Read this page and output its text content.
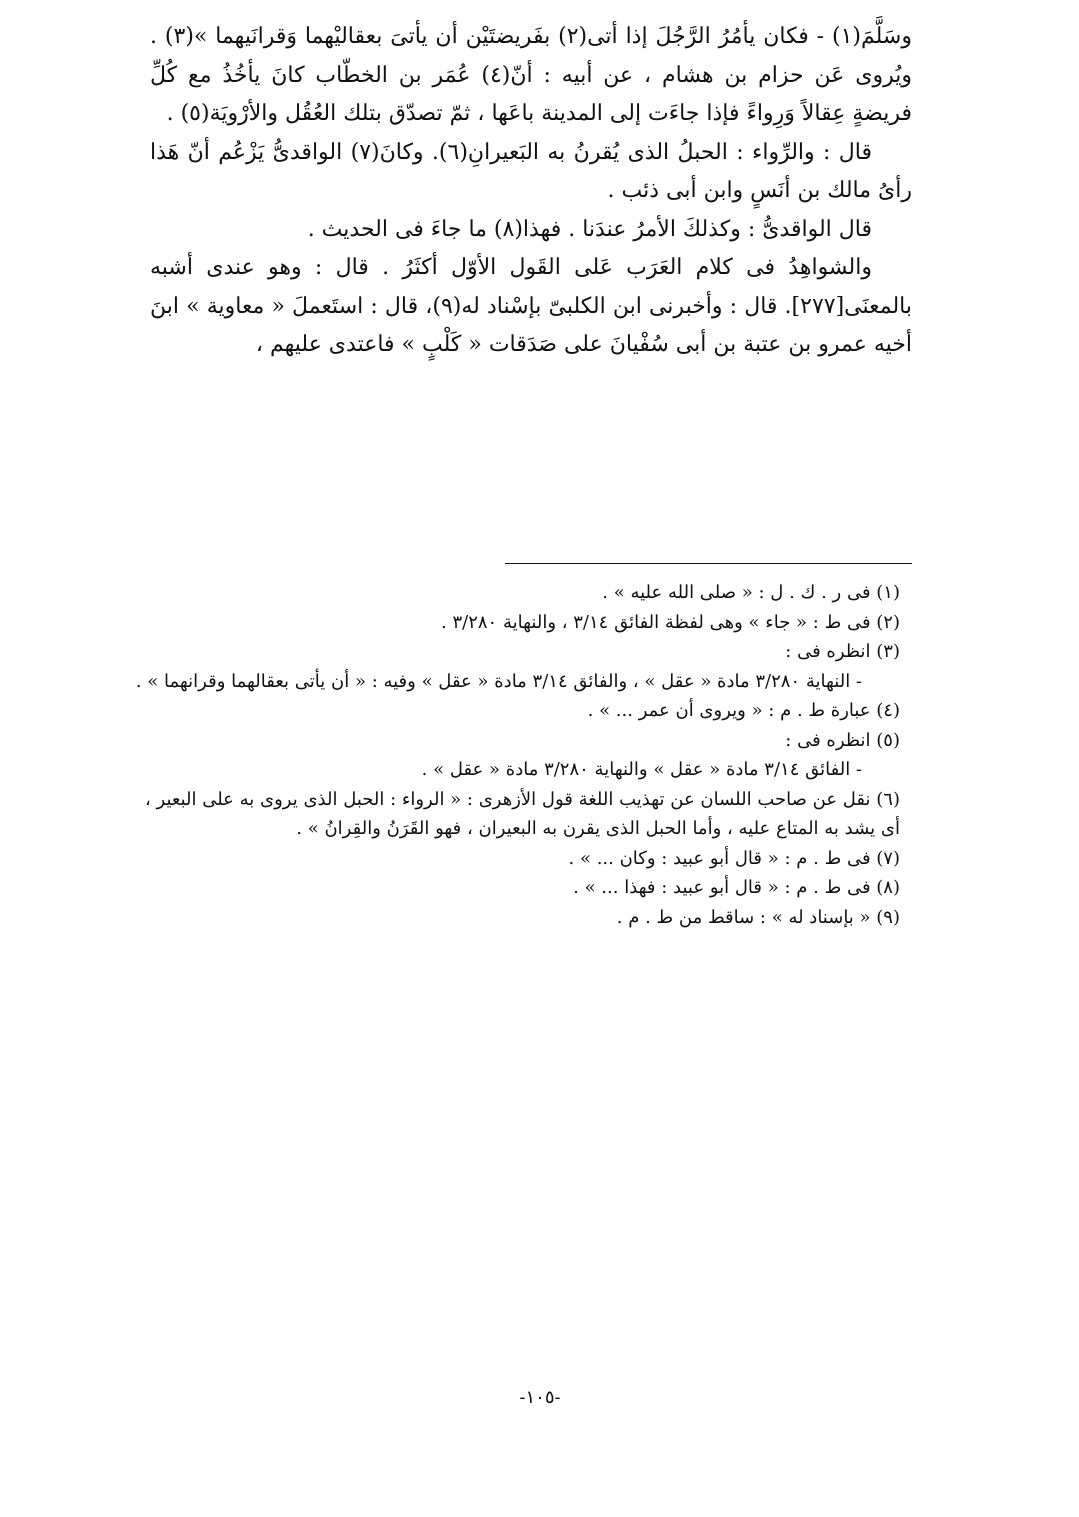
وسَلَّمَ(١) - فكان يأمُرُ الرَّجُلَ إذا أتى(٢) بفَريضتَيْن أن يأتىَ بعقاليْهما وَقرانَيهما »(٣) . ويُروى عَن حزام بن هشام ، عن أبيه : أنّ(٤) عُمَر بن الخطّاب كانَ يأخُذُ مع كُلِّ فريضةٍ عِقالاً وَرِواءً فإذا جاءَت إلى المدينة باعَها ، ثمّ تصدّق بتلك العُقُل والأرْويَة(٥) .

قال : والرِّواء : الحبلُ الذى يُقرنُ به البَعيرانِ(٦). وكانَ(٧) الواقدىُّ يَزْعُم أنّ هَذا رأىُ مالك بن أنَسٍ وابن أبى ذئب .

قال الواقدىُّ : وكذلكَ الأمرُ عندَنا . فهذا(٨) ما جاءَ فى الحديث .

والشواهِدُ فى كلام العَرَب عَلى القَول الأوّل أكثَرُ . قال : وهو عندى أشبه بالمعنَى[٢٧٧]. قال : وأخبرنى ابن الكلبىّ بإسْناد له(٩)، قال : استَعملَ « معاوية » ابنَ أخيه عمرو بن عتبة بن أبى سُفْيانَ على صَدَقات « كَلْبٍ » فاعتدى عليهم ،

(١) فى ر . ك . ل : « صلى الله عليه » .

(٢) فى ط : « جاء » وهى لفظة الفائق ٣/١٤ ، والنهاية ٣/٢٨٠ .

(٣) انظره فى :

- النهاية ٣/٢٨٠ مادة « عقل » ، والفائق ٣/١٤ مادة « عقل » وفيه : « أن يأتى بعقالهما وقرانهما » .

(٤) عبارة ط . م : « ويروى أن عمر ... » .

(٥) انظره فى :

- الفائق ٣/١٤ مادة « عقل » والنهاية ٣/٢٨٠ مادة « عقل » .

(٦) نقل عن صاحب اللسان عن تهذيب اللغة قول الأزهرى : « الرواء : الحبل الذى يروى به على البعير ، أى يشد به المتاع عليه ، وأما الحبل الذى يقرن به البعيران ، فهو القَرَنُ والقِرانُ » .

(٧) فى ط . م : « قال أبو عبيد : وكان ... » .

(٨) فى ط . م : « قال أبو عبيد : فهذا ... » .

(٩) « بإسناد له » : ساقط من ط . م .

-١٠٥-
